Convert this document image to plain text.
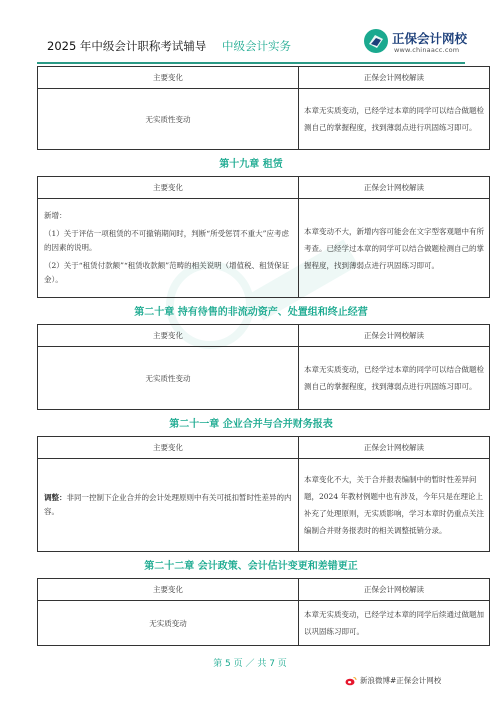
2025 年中级会计职称考试辅导 中级会计实务	正保会计网校
www.chinaacc.com
主要变化	正保会计网校解读
无实质性变动	本章无实质变动，已经学过本章的同学可以结合做题检测自己的掌握程度，找到薄弱点进行巩固练习即可。
第十九章 租赁
主要变化	正保会计网校解读

新增：
（1）关于评估一项租赁的不可撤销期间时，判断“所受惩罚不重大”应考虑的因素的说明。
（2）关于“租赁付款额”“租赁收款额”范畴的相关说明（增值税、租赁保证金）。	本章变动不大，新增内容可能会在文字型客观题中有所考查。已经学过本章的同学可以结合做题检测自己的掌握程度，找到薄弱点进行巩固练习即可。
第二十章 持有待售的非流动资产、处置组和终止经营
主要变化	正保会计网校解读
无实质性变动	本章无实质变动，已经学过本章的同学可以结合做题检测自己的掌握程度，找到薄弱点进行巩固练习即可。
第二十一章 企业合并与合并财务报表
主要变化	正保会计网校解读
调整：非同一控制下企业合并的会计处理原则中有关可抵扣暂时性差异的内容。	本章变化不大，关于合并报表编制中的暂时性差异问题，2024 年教材例题中也有涉及，今年只是在理论上补充了处理原则，无实质影响，学习本章时仍重点关注编制合并财务报表时的相关调整抵销分录。
第二十二章 会计政策、会计估计变更和差错更正
主要变化	正保会计网校解读
无实质变动	本章无实质变动，已经学过本章的同学后续通过做题加以巩固练习即可。
第 5 页 ／ 共 7 页
新浪微博#正保会计网校
